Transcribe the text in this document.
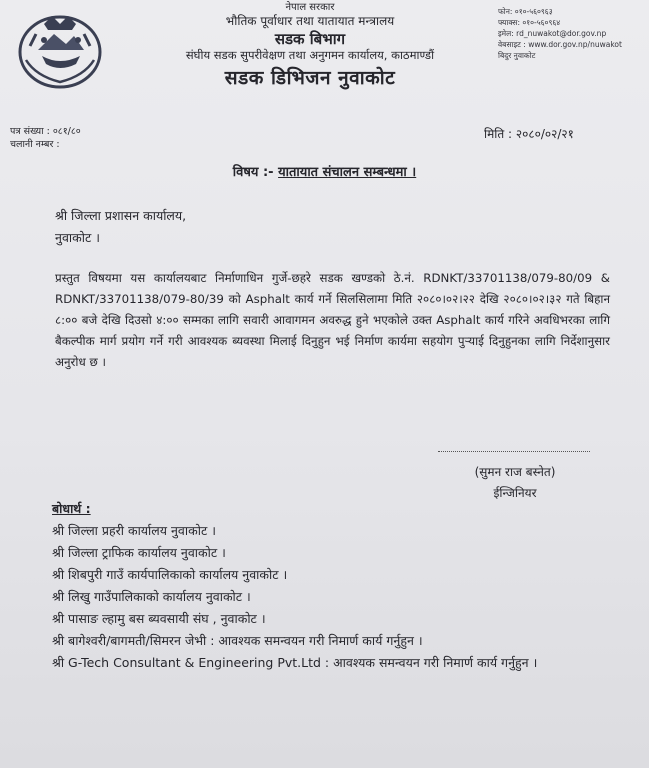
नेपाल सरकार
भौतिक पूर्वाधार तथा यातायात मन्त्रालय
सडक बिभाग
संघीय सडक सुपरीवेक्षण तथा अनुगमन कार्यालय, काठमाण्डौं
सडक डिभिजन नुवाकोट
फोन: ०१०-५६०९६३
फ्याक्स: ०१०-५६०९६४
इमेल: rd_nuwakot@dor.gov.np
वेबसाइट : www.dor.gov.np/nuwakot
बिदुर नुवाकोट
पत्र संख्या : ०८१/८०
चलानी नम्बर :
मिति : २०८०/०२/२१
विषय :- यातायात संचालन सम्बन्धमा ।
श्री जिल्ला प्रशासन कार्यालय,
नुवाकोट ।
प्रस्तुत विषयमा यस कार्यालयबाट निर्माणाधिन गुर्जे-छहरे सडक खण्डको ठे.नं. RDNKT/33701138/079-80/09 & RDNKT/33701138/079-80/39 को Asphalt कार्य गर्ने सिलसिलामा मिति २०८०।०२।२२ देखि २०८०।०२।३२ गते बिहान ८:०० बजे देखि दिउसो ४:०० सम्मका लागि सवारी आवागमन अवरुद्ध हुने भएकोले उक्त Asphalt कार्य गरिने अवधिभरका लागि बैकल्पीक मार्ग प्रयोग गर्ने गरी आवश्यक ब्यवस्था मिलाई दिनुहुन भई निर्माण कार्यमा सहयोग पुऱ्याई दिनुहुनका लागि निर्देशानुसार अनुरोध छ ।
(सुमन राज बस्नेत)
ईन्जिनियर
बोधार्थ :
श्री जिल्ला प्रहरी कार्यालय नुवाकोट ।
श्री जिल्ला ट्राफिक कार्यालय नुवाकोट ।
श्री शिबपुरी गाउँ कार्यपालिकाको कार्यालय नुवाकोट ।
श्री लिखु गाउँपालिकाको कार्यालय नुवाकोट ।
श्री पासाङ ल्हामु बस ब्यवसायी संघ , नुवाकोट ।
श्री बागेश्वरी/बागमती/सिमरन जेभी : आवश्यक समन्वयन गरी निमार्ण कार्य गर्नुहुन ।
श्री G-Tech Consultant & Engineering Pvt.Ltd : आवश्यक समन्वयन गरी निमार्ण कार्य गर्नुहुन ।
